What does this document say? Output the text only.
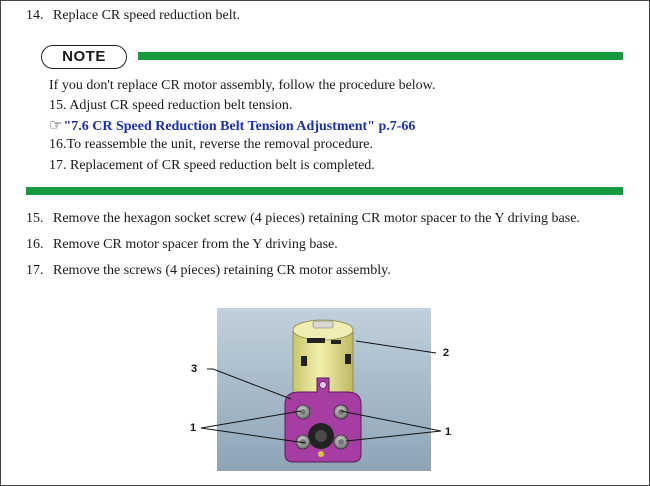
14. Replace CR speed reduction belt.
NOTE
If you don't replace CR motor assembly, follow the procedure below.
15. Adjust CR speed reduction belt tension.
☞"7.6 CR Speed Reduction Belt Tension Adjustment" p.7-66
16.To reassemble the unit, reverse the removal procedure.
17. Replacement of CR speed reduction belt is completed.
15. Remove the hexagon socket screw (4 pieces) retaining CR motor spacer to the Y driving base.
16. Remove CR motor spacer from the Y driving base.
17. Remove the screws (4 pieces) retaining CR motor assembly.
3
1
2
1
